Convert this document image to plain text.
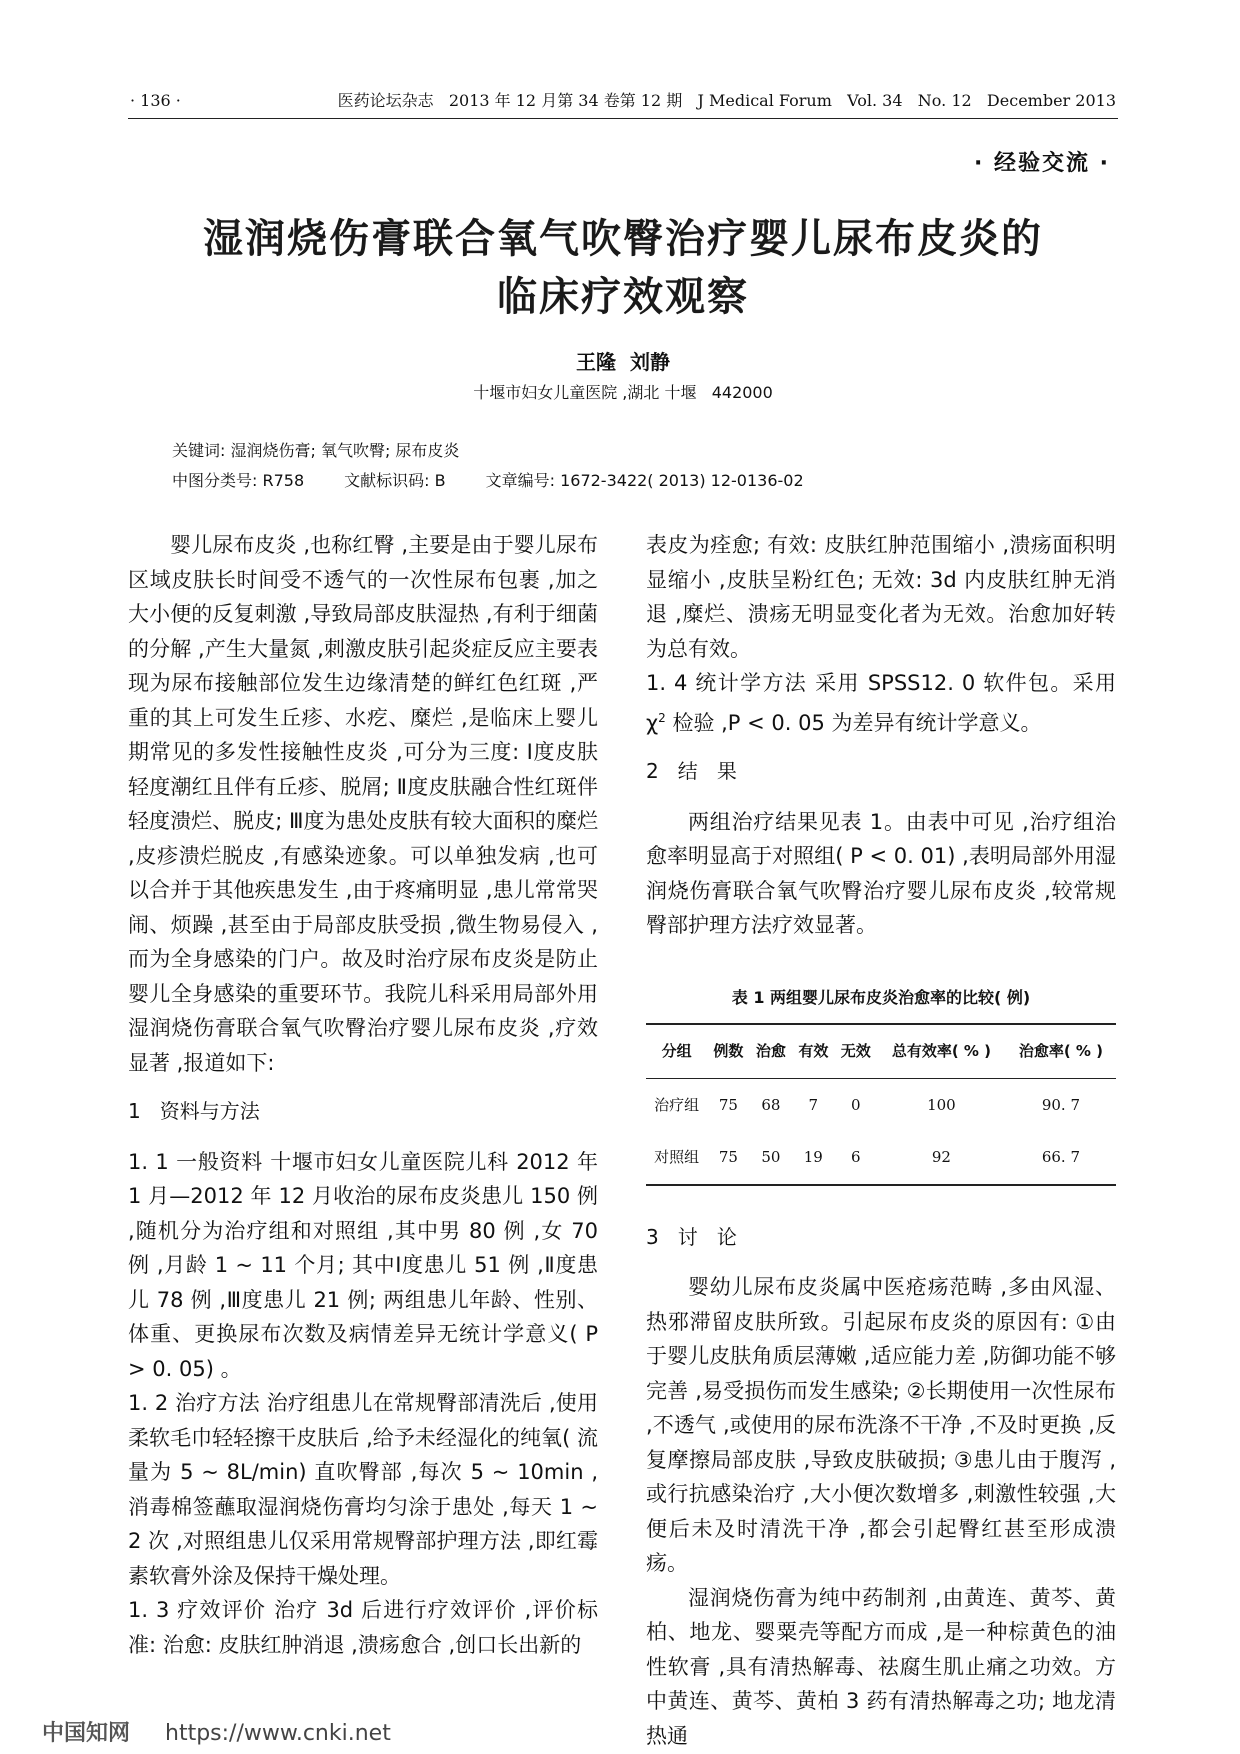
· 136 ·	医药论坛杂志   2013 年 12 月第 34 卷第 12 期   J Medical Forum   Vol. 34   No. 12   December 2013
· 经验交流 ·
湿润烧伤膏联合氧气吹臀治疗婴儿尿布皮炎的
临床疗效观察
王隆  刘静
十堰市妇女儿童医院 ,湖北 十堰   442000
关键词: 湿润烧伤膏; 氧气吹臀; 尿布皮炎
中图分类号: R758	文献标识码: B	文章编号: 1672-3422( 2013) 12-0136-02

婴儿尿布皮炎 ,也称红臀 ,主要是由于婴儿尿布区域皮肤长时间受不透气的一次性尿布包裹 ,加之大小便的反复刺激 ,导致局部皮肤湿热 ,有利于细菌的分解 ,产生大量氮 ,刺激皮肤引起炎症反应主要表现为尿布接触部位发生边缘清楚的鲜红色红斑 ,严重的其上可发生丘疹、水疙、糜烂 ,是临床上婴儿期常见的多发性接触性皮炎 ,可分为三度: Ⅰ度皮肤轻度潮红且伴有丘疹、脱屑; Ⅱ度皮肤融合性红斑伴轻度溃烂、脱皮; Ⅲ度为患处皮肤有较大面积的糜烂 ,皮疹溃烂脱皮 ,有感染迹象。可以单独发病 ,也可以合并于其他疾患发生 ,由于疼痛明显 ,患儿常常哭闹、烦躁 ,甚至由于局部皮肤受损 ,微生物易侵入 ,而为全身感染的门户。故及时治疗尿布皮炎是防止婴儿全身感染的重要环节。我院儿科采用局部外用湿润烧伤膏联合氧气吹臀治疗婴儿尿布皮炎 ,疗效显著 ,报道如下:

1   资料与方法

1. 1 一般资料 十堰市妇女儿童医院儿科 2012 年 1 月—2012 年 12 月收治的尿布皮炎患儿 150 例 ,随机分为治疗组和对照组 ,其中男 80 例 ,女 70 例 ,月龄 1 ~ 11 个月; 其中Ⅰ度患儿 51 例 ,Ⅱ度患儿 78 例 ,Ⅲ度患儿 21 例; 两组患儿年龄、性别、体重、更换尿布次数及病情差异无统计学意义( P > 0. 05) 。

1. 2 治疗方法 治疗组患儿在常规臀部清洗后 ,使用柔软毛巾轻轻擦干皮肤后 ,给予未经湿化的纯氧( 流量为 5 ~ 8L/min) 直吹臀部 ,每次 5 ~ 10min ,消毒棉签蘸取湿润烧伤膏均匀涂于患处 ,每天 1 ~ 2 次 ,对照组患儿仅采用常规臀部护理方法 ,即红霉素软膏外涂及保持干燥处理。

1. 3 疗效评价 治疗 3d 后进行疗效评价 ,评价标准: 治愈: 皮肤红肿消退 ,溃疡愈合 ,创口长出新的

表皮为痊愈; 有效: 皮肤红肿范围缩小 ,溃疡面积明显缩小 ,皮肤呈粉红色; 无效: 3d 内皮肤红肿无消退 ,糜烂、溃疡无明显变化者为无效。治愈加好转为总有效。

1. 4 统计学方法 采用 SPSS12. 0 软件包。采用 $\chi^2$ 检验 ,P < 0. 05 为差异有统计学意义。

2   结   果

两组治疗结果见表 1。由表中可见 ,治疗组治愈率明显高于对照组( P < 0. 01) ,表明局部外用湿润烧伤膏联合氧气吹臀治疗婴儿尿布皮炎 ,较常规臀部护理方法疗效显著。

表 1 两组婴儿尿布皮炎治愈率的比较( 例)
分组	例数	治愈	有效	无效	总有效率( % )	治愈率( % )
治疗组	75	68	7	0	100	90. 7
对照组	75	50	19	6	92	66. 7

3   讨   论

婴幼儿尿布皮炎属中医疮疡范畴 ,多由风湿、热邪滞留皮肤所致。引起尿布皮炎的原因有: ①由于婴儿皮肤角质层薄嫩 ,适应能力差 ,防御功能不够完善 ,易受损伤而发生感染; ②长期使用一次性尿布 ,不透气 ,或使用的尿布洗涤不干净 ,不及时更换 ,反复摩擦局部皮肤 ,导致皮肤破损; ③患儿由于腹泻 ,或行抗感染治疗 ,大小便次数增多 ,刺激性较强 ,大便后未及时清洗干净 ,都会引起臀红甚至形成溃疡。

湿润烧伤膏为纯中药制剂 ,由黄连、黄芩、黄柏、地龙、婴粟壳等配方而成 ,是一种棕黄色的油性软膏 ,具有清热解毒、祛腐生肌止痛之功效。方中黄连、黄芩、黄柏 3 药有清热解毒之功; 地龙清热通

中国知网 https://www.cnki.net
